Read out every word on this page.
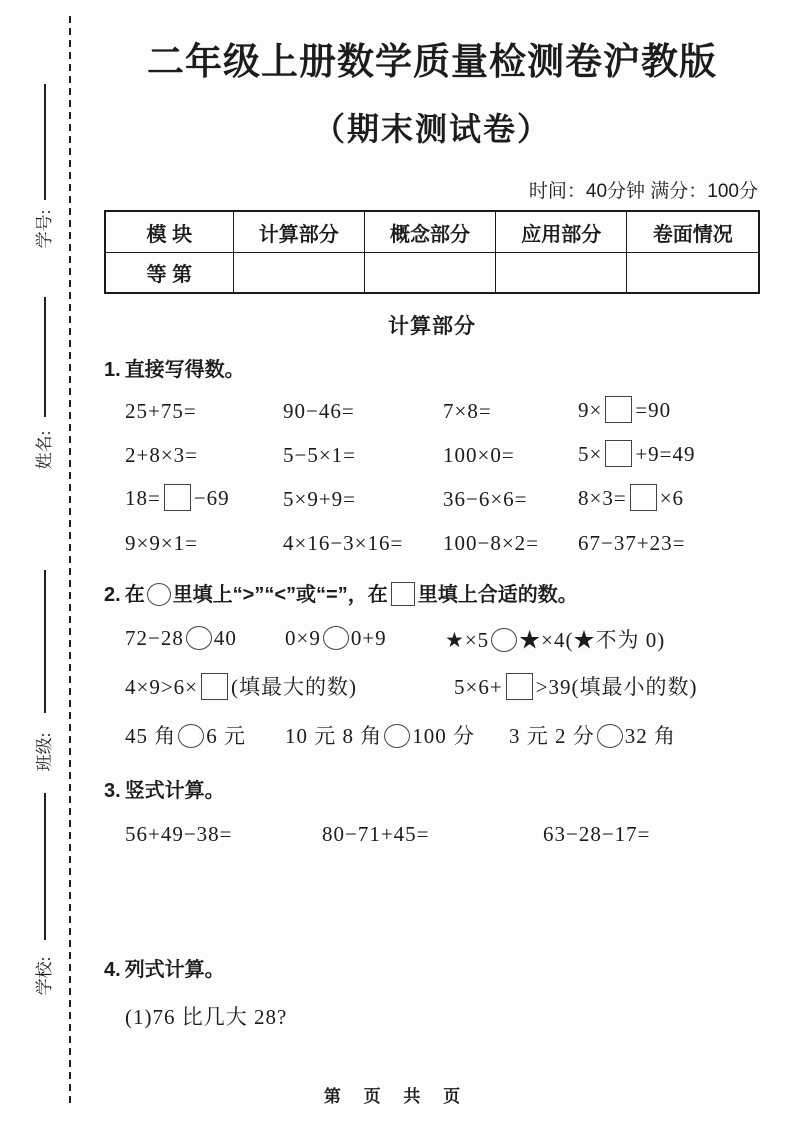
学号:
姓名:
班级:
学校:
二年级上册数学质量检测卷沪教版
（期末测试卷）
时间：40分钟 满分：100分
模 块	计算部分	概念部分	应用部分	卷面情况
等 第				
计算部分
1. 直接写得数。
25+75=	90−46=	7×8=	9× =90
2+8×3=	5−5×1=	100×0=	5× +9=49
18= −69	5×9+9=	36−6×6=	8×3= ×6
9×9×1=	4×16−3×16=	100−8×2=	67−37+23=
2. 在 里填上“>”“<”或“=”，在 里填上合适的数。
72−28 40	0×9 0+9	★×5 ★×4(★不为 0)
4×9>6× (填最大的数)	5×6+ >39(填最小的数)
45 角 6 元	10 元 8 角 100 分	3 元 2 分 32 角
3. 竖式计算。
56+49−38=	80−71+45=	63−28−17=
4. 列式计算。
(1)76 比几大 28?
第 页 共 页
